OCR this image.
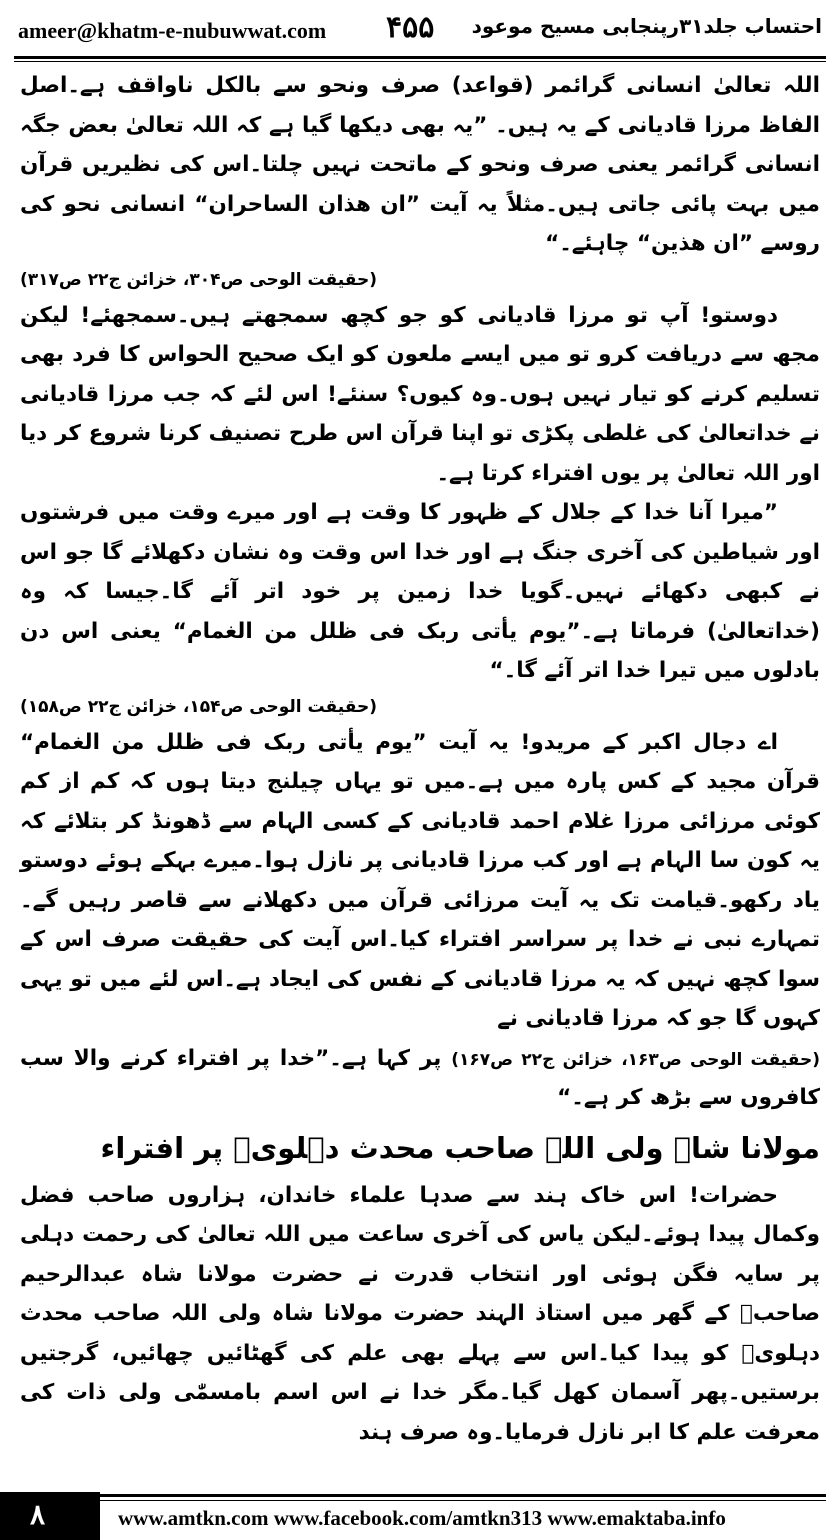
ameer@khatm-e-nubuwwat.com ۴۵۵ احتساب جلد۳۱رپنجابی مسیح موعود

اللہ تعالیٰ انسانی گرائمر (قواعد) صرف ونحو سے بالکل ناواقف ہے۔اصل الفاظ مرزا قادیانی کے یہ ہیں۔ ”یہ بھی دیکھا گیا ہے کہ اللہ تعالیٰ بعض جگہ انسانی گرائمر یعنی صرف ونحو کے ماتحت نہیں چلتا۔اس کی نظیریں قرآن میں بہت پائی جاتی ہیں۔مثلاً یہ آیت ”ان ھذان الساحران“ انسانی نحو کی روسے ”ان ھذین“ چاہئے۔“

(حقیقت الوحی ص۳۰۴، خزائن ج۲۲ ص۳۱۷)

دوستو! آپ تو مرزا قادیانی کو جو کچھ سمجھتے ہیں۔سمجھئے! لیکن مجھ سے دریافت کرو تو میں ایسے ملعون کو ایک صحیح الحواس کا فرد بھی تسلیم کرنے کو تیار نہیں ہوں۔وہ کیوں؟ سنئے! اس لئے کہ جب مرزا قادیانی نے خداتعالیٰ کی غلطی پکڑی تو اپنا قرآن اس طرح تصنیف کرنا شروع کر دیا اور اللہ تعالیٰ پر یوں افتراء کرتا ہے۔

”میرا آنا خدا کے جلال کے ظہور کا وقت ہے اور میرے وقت میں فرشتوں اور شیاطین کی آخری جنگ ہے اور خدا اس وقت وہ نشان دکھلائے گا جو اس نے کبھی دکھائے نہیں۔گویا خدا زمین پر خود اتر آئے گا۔جیسا کہ وہ (خداتعالیٰ) فرماتا ہے۔”یوم یأتی ربک فی ظلل من الغمام“ یعنی اس دن بادلوں میں تیرا خدا اتر آئے گا۔“

(حقیقت الوحی ص۱۵۴، خزائن ج۲۲ ص۱۵۸)

اے دجال اکبر کے مریدو! یہ آیت ”یوم یأتی ربک فی ظلل من الغمام“ قرآن مجید کے کس پارہ میں ہے۔میں تو یہاں چیلنج دیتا ہوں کہ کم از کم کوئی مرزائی مرزا غلام احمد قادیانی کے کسی الہام سے ڈھونڈ کر بتلائے کہ یہ کون سا الہام ہے اور کب مرزا قادیانی پر نازل ہوا۔میرے بہکے ہوئے دوستو یاد رکھو۔قیامت تک یہ آیت مرزائی قرآن میں دکھلانے سے قاصر رہیں گے۔تمہارے نبی نے خدا پر سراسر افتراء کیا۔اس آیت کی حقیقت صرف اس کے سوا کچھ نہیں کہ یہ مرزا قادیانی کے نفس کی ایجاد ہے۔اس لئے میں تو یہی کہوں گا جو کہ مرزا قادیانی نے

(حقیقت الوحی ص۱۶۳، خزائن ج۲۲ ص۱۶۷) پر کہا ہے۔”خدا پر افتراء کرنے والا سب کافروں سے بڑھ کر ہے۔“

مولانا شاہ ولی اللہ صاحب محدث دہلویؒ پر افتراء

حضرات! اس خاک ہند سے صدہا علماء خاندان، ہزاروں صاحب فضل وکمال پیدا ہوئے۔لیکن یاس کی آخری ساعت میں اللہ تعالیٰ کی رحمت دہلی پر سایہ فگن ہوئی اور انتخاب قدرت نے حضرت مولانا شاہ عبدالرحیم صاحبؒ کے گھر میں استاذ الہند حضرت مولانا شاہ ولی اللہ صاحب محدث دہلویؒ کو پیدا کیا۔اس سے پہلے بھی علم کی گھٹائیں چھائیں، گرجتیں برستیں۔پھر آسمان کھل گیا۔مگر خدا نے اس اسم بامسمّٰی ولی ذات کی معرفت علم کا ابر نازل فرمایا۔وہ صرف ہند

۸	www.amtkn.com www.facebook.com/amtkn313 www.emaktaba.info
